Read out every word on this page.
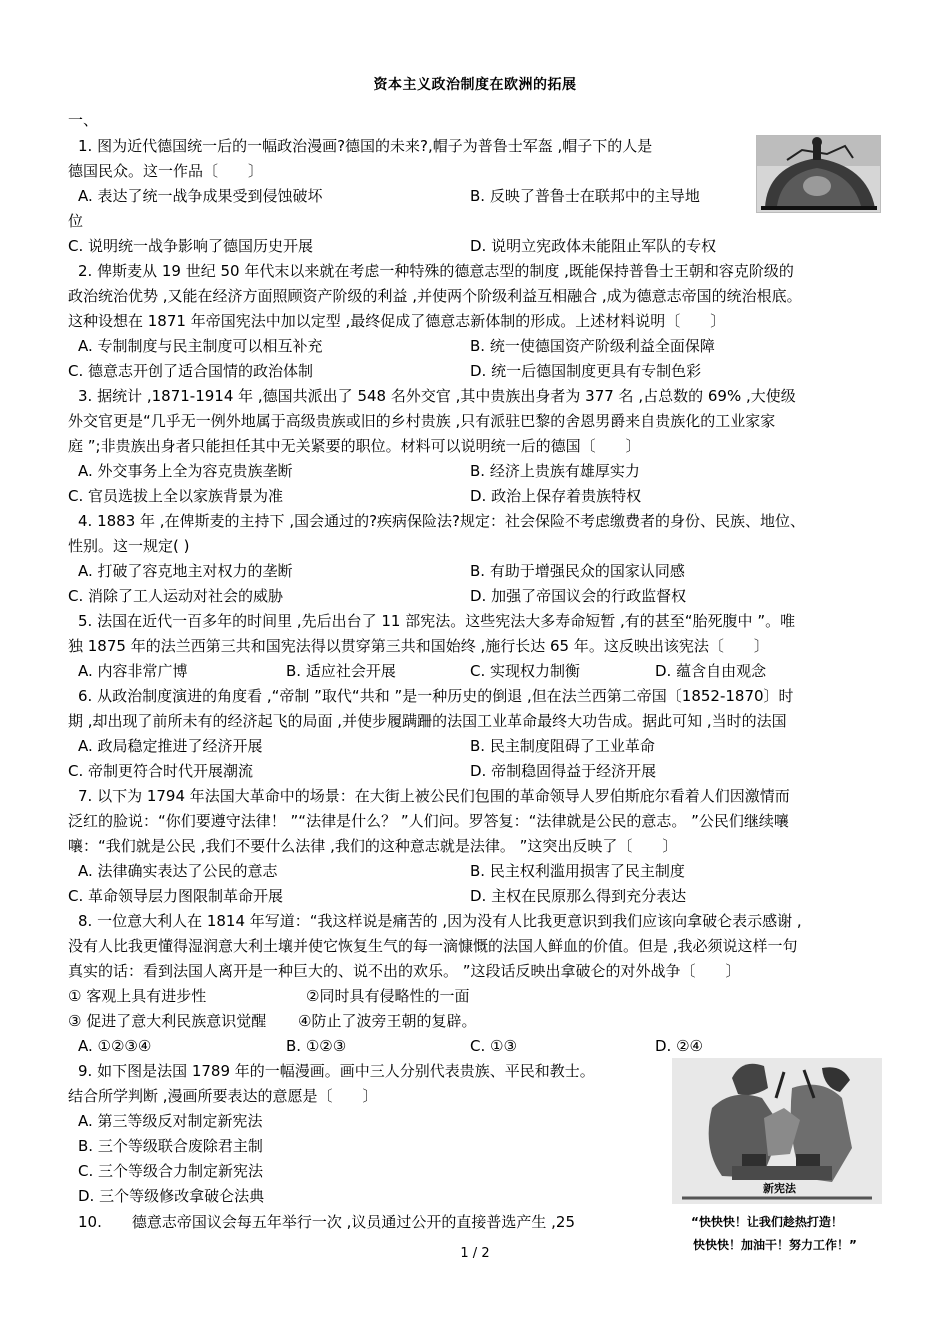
资本主义政治制度在欧洲的拓展
一、
1. 图为近代德国统一后的一幅政治漫画?德国的未来?,帽子为普鲁士军盔 ,帽子下的人是
德国民众。这一作品〔　　〕
A. 表达了统一战争成果受到侵蚀破坏	B. 反映了普鲁士在联邦中的主导地
位
C. 说明统一战争影响了德国历史开展	D. 说明立宪政体未能阻止军队的专权
2. 俾斯麦从 19 世纪 50 年代末以来就在考虑一种特殊的德意志型的制度 ,既能保持普鲁士王朝和容克阶级的
政治统治优势 ,又能在经济方面照顾资产阶级的利益 ,并使两个阶级利益互相融合 ,成为德意志帝国的统治根底。
这种设想在 1871 年帝国宪法中加以定型 ,最终促成了德意志新体制的形成。上述材料说明〔　　〕
A. 专制制度与民主制度可以相互补充	B. 统一使德国资产阶级利益全面保障
C. 德意志开创了适合国情的政治体制	D. 统一后德国制度更具有专制色彩
3. 据统计 ,1871-1914 年 ,德国共派出了 548 名外交官 ,其中贵族出身者为 377 名 ,占总数的 69% ,大使级
外交官更是“几乎无一例外地属于高级贵族或旧的乡村贵族 ,只有派驻巴黎的舍恩男爵来自贵族化的工业家家
庭 ”;非贵族出身者只能担任其中无关紧要的职位。材料可以说明统一后的德国〔　　〕
A. 外交事务上全为容克贵族垄断	B. 经济上贵族有雄厚实力
C. 官员选拔上全以家族背景为准	D. 政治上保存着贵族特权
4. 1883 年 ,在俾斯麦的主持下 ,国会通过的?疾病保险法?规定：社会保险不考虑缴费者的身份、民族、地位、
性别。这一规定( )
A. 打破了容克地主对权力的垄断	B. 有助于增强民众的国家认同感
C. 消除了工人运动对社会的威胁	D. 加强了帝国议会的行政监督权
5. 法国在近代一百多年的时间里 ,先后出台了 11 部宪法。这些宪法大多寿命短暂 ,有的甚至“胎死腹中 ”。唯
独 1875 年的法兰西第三共和国宪法得以贯穿第三共和国始终 ,施行长达 65 年。这反映出该宪法〔　　〕
A. 内容非常广博	B. 适应社会开展	C. 实现权力制衡	D. 蕴含自由观念
6. 从政治制度演进的角度看 ,“帝制 ”取代“共和 ”是一种历史的倒退 ,但在法兰西第二帝国〔1852-1870〕时
期 ,却出现了前所未有的经济起飞的局面 ,并使步履蹒跚的法国工业革命最终大功告成。据此可知 ,当时的法国
A. 政局稳定推进了经济开展	B. 民主制度阻碍了工业革命
C. 帝制更符合时代开展潮流	D. 帝制稳固得益于经济开展
7. 以下为 1794 年法国大革命中的场景：在大街上被公民们包围的革命领导人罗伯斯庇尔看着人们因激情而
泛红的脸说：“你们要遵守法律！ ”“法律是什么？ ”人们问。罗答复：“法律就是公民的意志。 ”公民们继续嚷
嚷：“我们就是公民 ,我们不要什么法律 ,我们的这种意志就是法律。 ”这突出反映了〔　　〕
A. 法律确实表达了公民的意志	B. 民主权利滥用损害了民主制度
C. 革命领导层力图限制革命开展	D. 主权在民原那么得到充分表达
8. 一位意大利人在 1814 年写道：“我这样说是痛苦的 ,因为没有人比我更意识到我们应该向拿破仑表示感谢 ,
没有人比我更懂得湿润意大利土壤并使它恢复生气的每一滴慷慨的法国人鲜血的价值。但是 ,我必须说这样一句
真实的话：看到法国人离开是一种巨大的、说不出的欢乐。 ”这段话反映出拿破仑的对外战争〔　　〕
① 客观上具有进步性	②同时具有侵略性的一面
③ 促进了意大利民族意识觉醒 ④防止了波旁王朝的复辟。
A. ①②③④	B. ①②③	C. ①③	D. ②④
9. 如下图是法国 1789 年的一幅漫画。画中三人分别代表贵族、平民和教士。
结合所学判断 ,漫画所要表达的意愿是〔　　〕
A. 第三等级反对制定新宪法
B. 三个等级联合废除君主制
C. 三个等级合力制定新宪法
D. 三个等级修改拿破仑法典
10.　　德意志帝国议会每五年举行一次 ,议员通过公开的直接普选产生 ,25
新宪法
“快快快！让我们趁热打造！
快快快！加油干！努力工作！”
1 / 2
